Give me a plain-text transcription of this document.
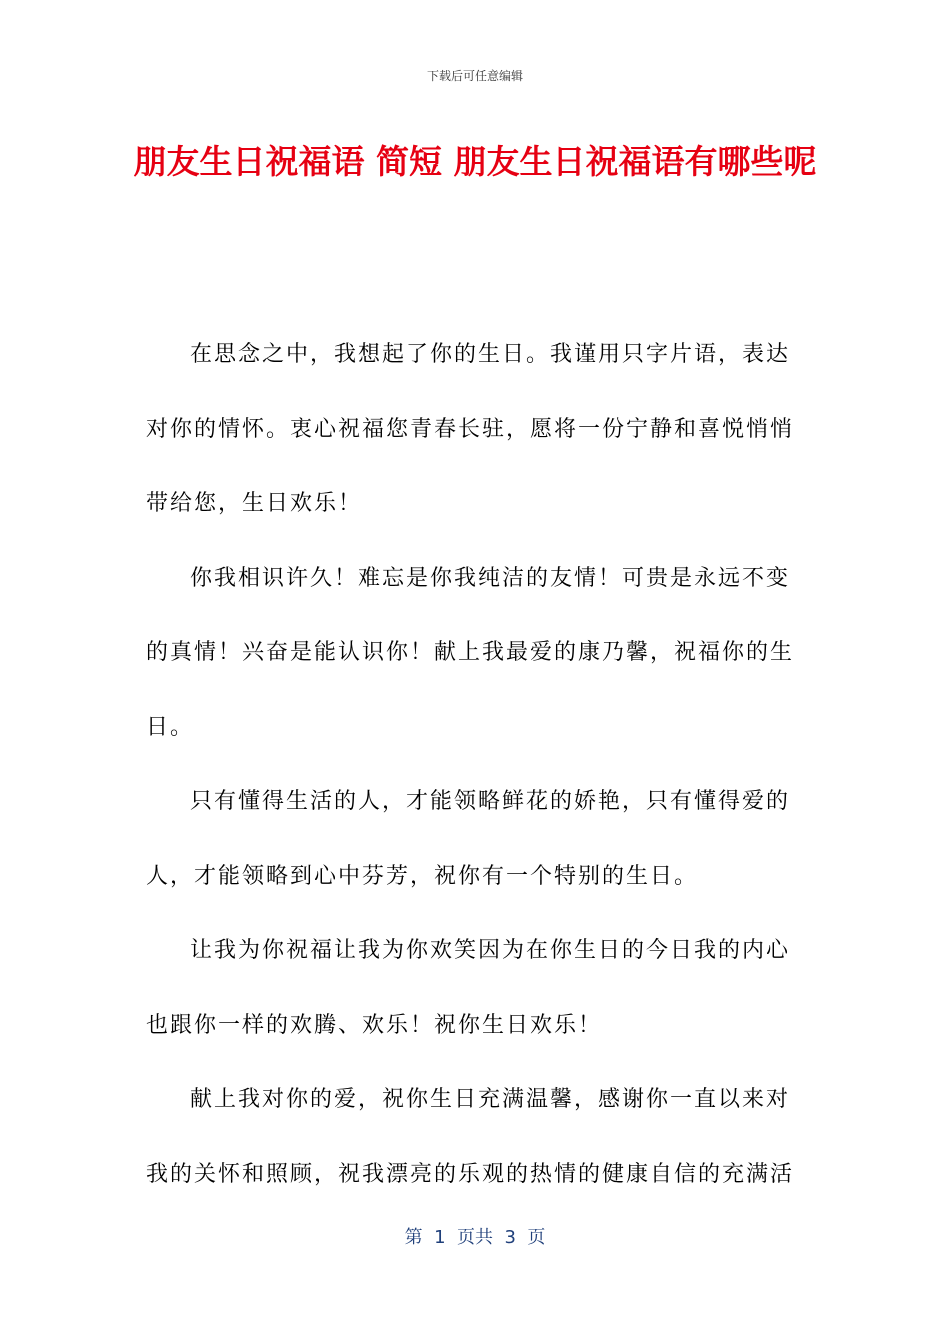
下载后可任意编辑
朋友生日祝福语 简短 朋友生日祝福语有哪些呢

在思念之中，我想起了你的生日。我谨用只字片语，表达对你的情怀。衷心祝福您青春长驻，愿将一份宁静和喜悦悄悄带给您，生日欢乐！

你我相识许久！难忘是你我纯洁的友情！可贵是永远不变的真情！兴奋是能认识你！献上我最爱的康乃馨，祝福你的生日。

只有懂得生活的人，才能领略鲜花的娇艳，只有懂得爱的人，才能领略到心中芬芳，祝你有一个特别的生日。

让我为你祝福让我为你欢笑因为在你生日的今日我的内心也跟你一样的欢腾、欢乐！祝你生日欢乐！

献上我对你的爱，祝你生日充满温馨，感谢你一直以来对我的关怀和照顾，祝我漂亮的乐观的热情的健康自信的充满活

第  1  页共  3  页
